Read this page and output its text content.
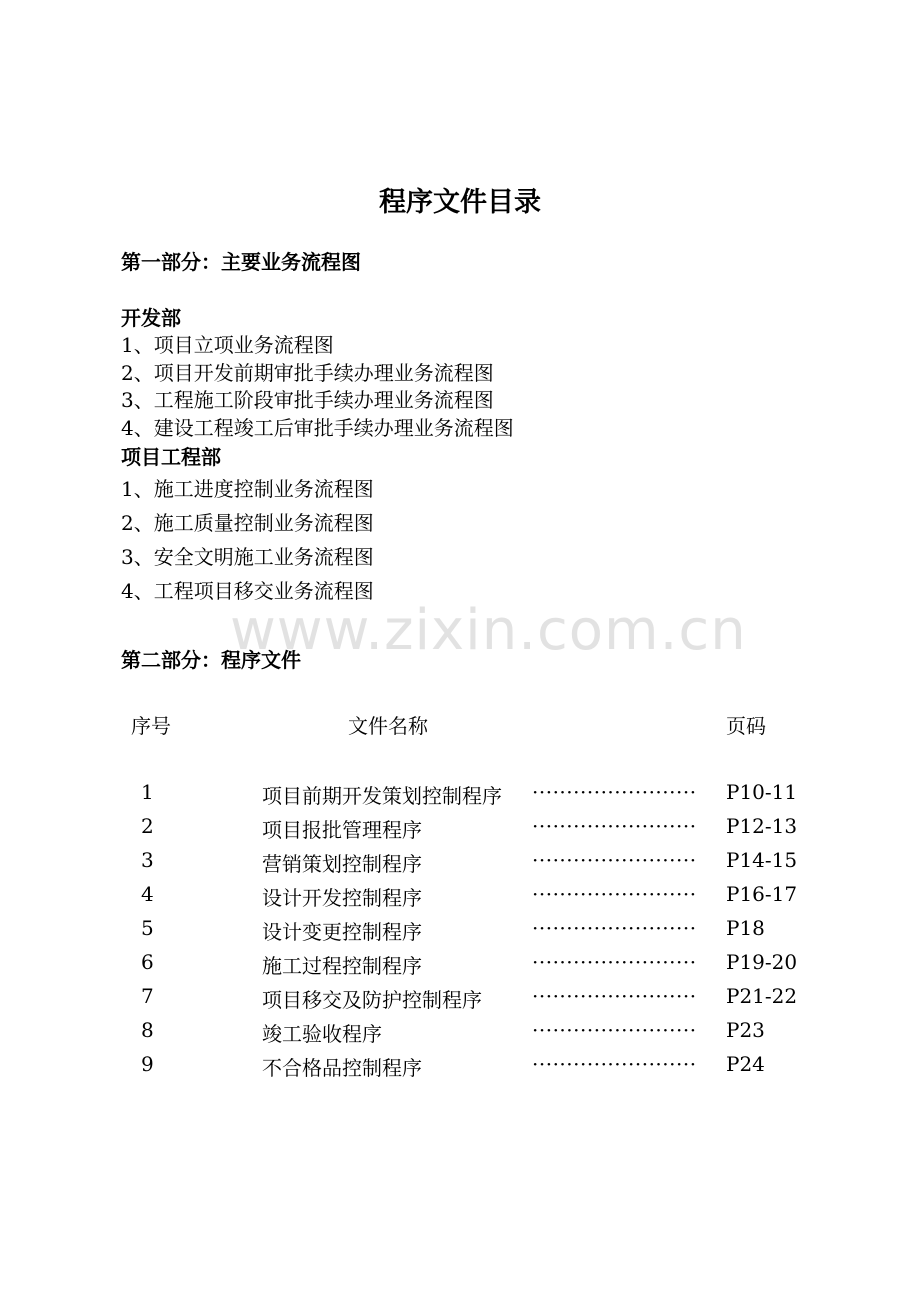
www.zixin.com.cn
程序文件目录
第一部分：主要业务流程图
开发部
1、项目立项业务流程图
2、项目开发前期审批手续办理业务流程图
3、工程施工阶段审批手续办理业务流程图
4、建设工程竣工后审批手续办理业务流程图
项目工程部
1、施工进度控制业务流程图
2、施工质量控制业务流程图
3、安全文明施工业务流程图
4、工程项目移交业务流程图
第二部分：程序文件
序号	文件名称	页码
1	项目前期开发策划控制程序 ························ P10-11
2	项目报批管理程序	························ P12-13
3	营销策划控制程序	························ P14-15
4	设计开发控制程序	························ P16-17
5	设计变更控制程序	························ P18
6	施工过程控制程序	························ P19-20
7	项目移交及防护控制程序	························ P21-22
8	竣工验收程序	························ P23
9	不合格品控制程序	························ P24
